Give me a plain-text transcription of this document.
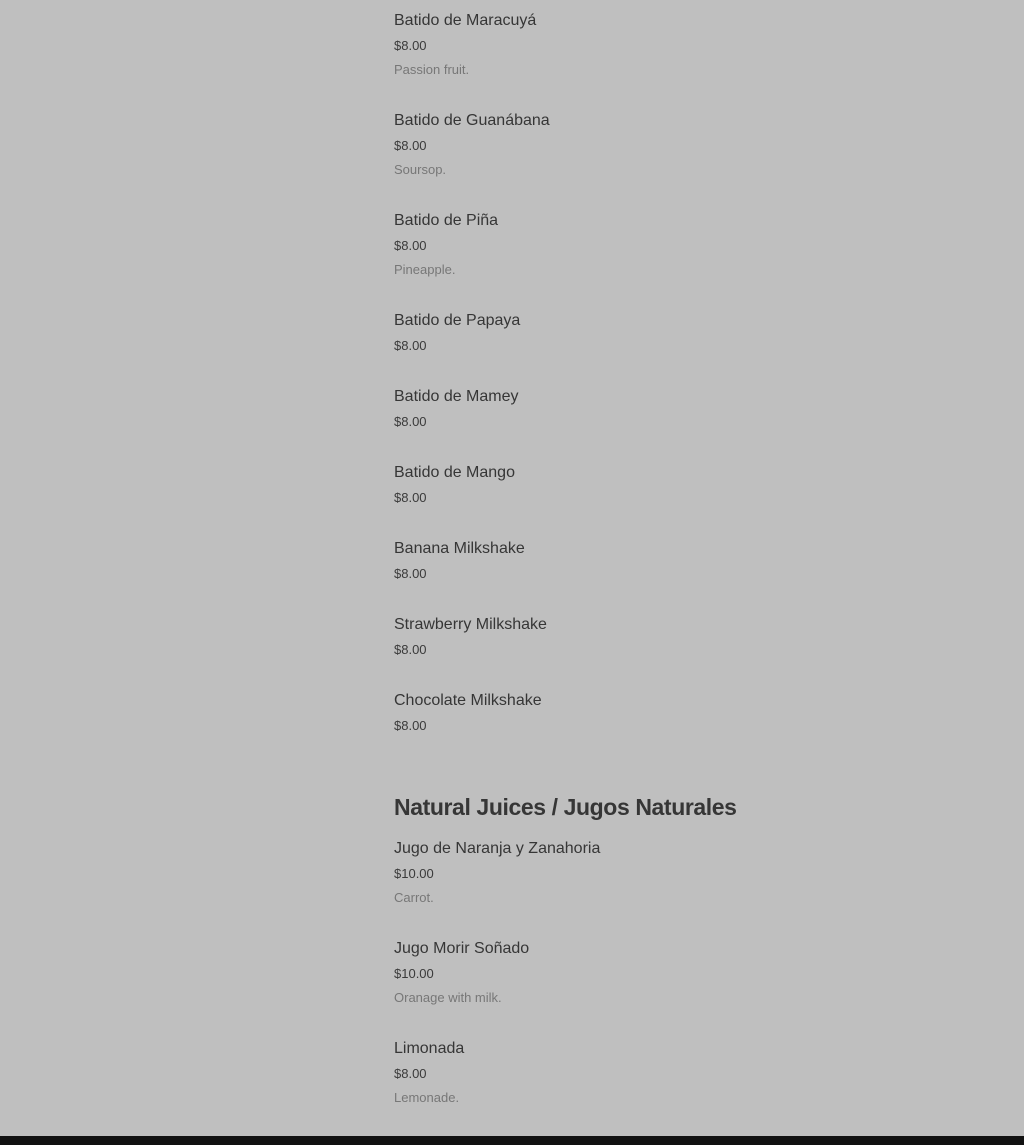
Batido de Maracuyá
$8.00
Passion fruit.
Batido de Guanábana
$8.00
Soursop.
Batido de Piña
$8.00
Pineapple.
Batido de Papaya
$8.00
Batido de Mamey
$8.00
Batido de Mango
$8.00
Banana Milkshake
$8.00
Strawberry Milkshake
$8.00
Chocolate Milkshake
$8.00
Natural Juices / Jugos Naturales
Jugo de Naranja y Zanahoria
$10.00
Carrot.
Jugo Morir Soñado
$10.00
Oranage with milk.
Limonada
$8.00
Lemonade.
